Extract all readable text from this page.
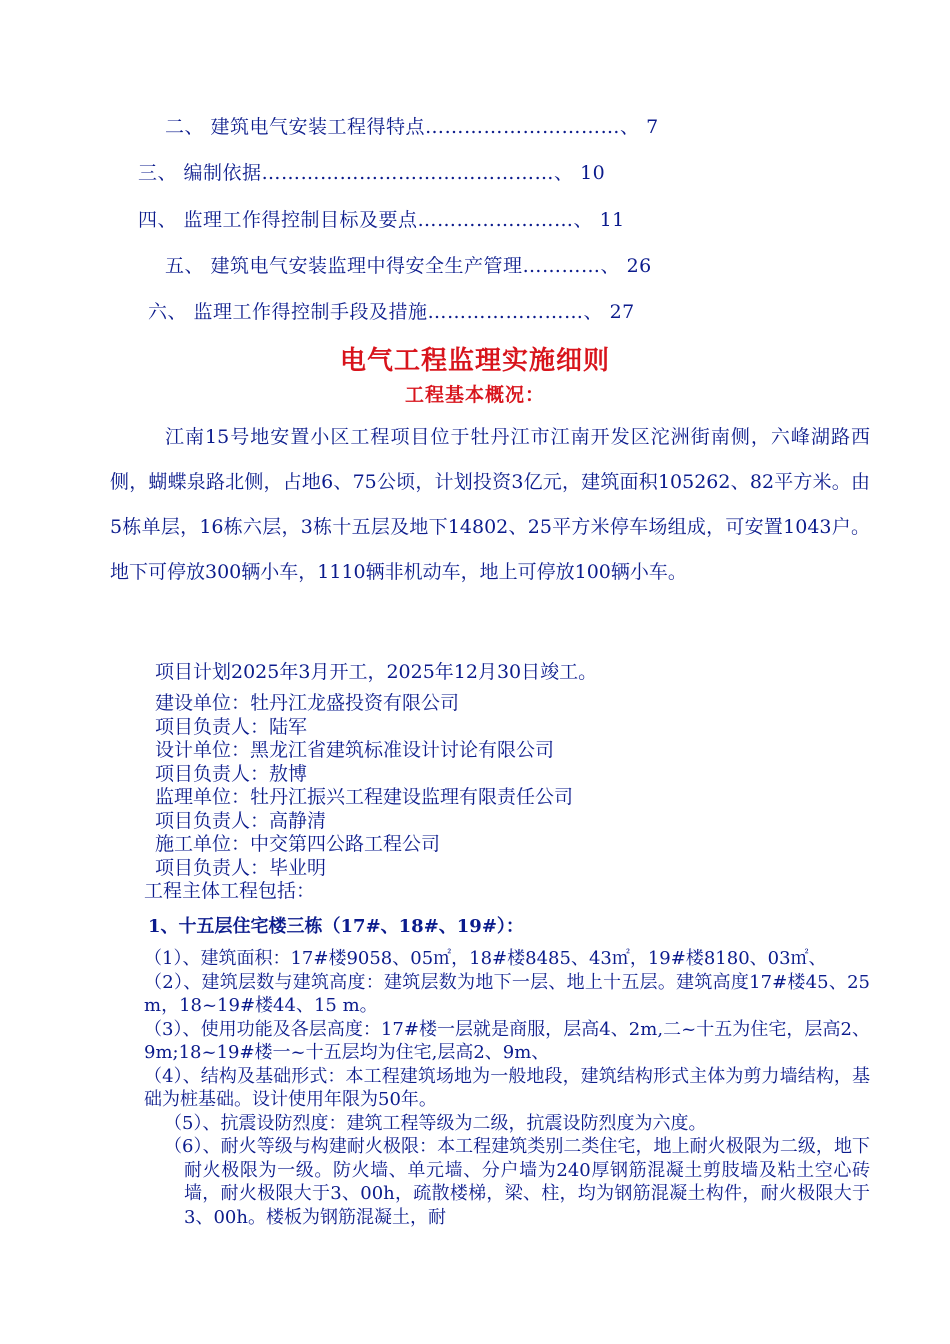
二、 建筑电气安装工程得特点…………………………、 7
三、 编制依据………………………………………、 10
四、 监理工作得控制目标及要点……………………、 11
五、 建筑电气安装监理中得安全生产管理…………、 26
六、 监理工作得控制手段及措施……………………、 27
电气工程监理实施细则
工程基本概况：
江南15号地安置小区工程项目位于牡丹江市江南开发区沱洲街南侧，六峰湖路西侧，蝴蝶泉路北侧，占地6、75公顷，计划投资3亿元，建筑面积105262、82平方米。由5栋单层，16栋六层，3栋十五层及地下14802、25平方米停车场组成，可安置1043户。地下可停放300辆小车，1110辆非机动车，地上可停放100辆小车。
项目计划2025年3月开工，2025年12月30日竣工。
建设单位：牡丹江龙盛投资有限公司
项目负责人：陆军
设计单位：黑龙江省建筑标准设计讨论有限公司
项目负责人：敖博
监理单位：牡丹江振兴工程建设监理有限责任公司
项目负责人：高静清
施工单位：中交第四公路工程公司
项目负责人：毕业明
工程主体工程包括：
1、十五层住宅楼三栋（17#、18#、19#）：

（1）、建筑面积：17#楼9058、05㎡，18#楼8485、43㎡，19#楼8180、03㎡、

（2）、建筑层数与建筑高度：建筑层数为地下一层、地上十五层。建筑高度17#楼45、25 m，18~19#楼44、15 m。

（3）、使用功能及各层高度：17#楼一层就是商服，层高4、2m,二~十五为住宅，层高2、9m;18~19#楼一~十五层均为住宅,层高2、9m、

（4）、结构及基础形式：本工程建筑场地为一般地段，建筑结构形式主体为剪力墙结构，基础为桩基础。设计使用年限为50年。

（5）、抗震设防烈度：建筑工程等级为二级，抗震设防烈度为六度。

（6）、耐火等级与构建耐火极限：本工程建筑类别二类住宅，地上耐火极限为二级，地下耐火极限为一级。防火墙、单元墙、分户墙为240厚钢筋混凝土剪肢墙及粘土空心砖墙，耐火极限大于3、00h，疏散楼梯，梁、柱，均为钢筋混凝土构件，耐火极限大于3、00h。楼板为钢筋混凝土，耐
